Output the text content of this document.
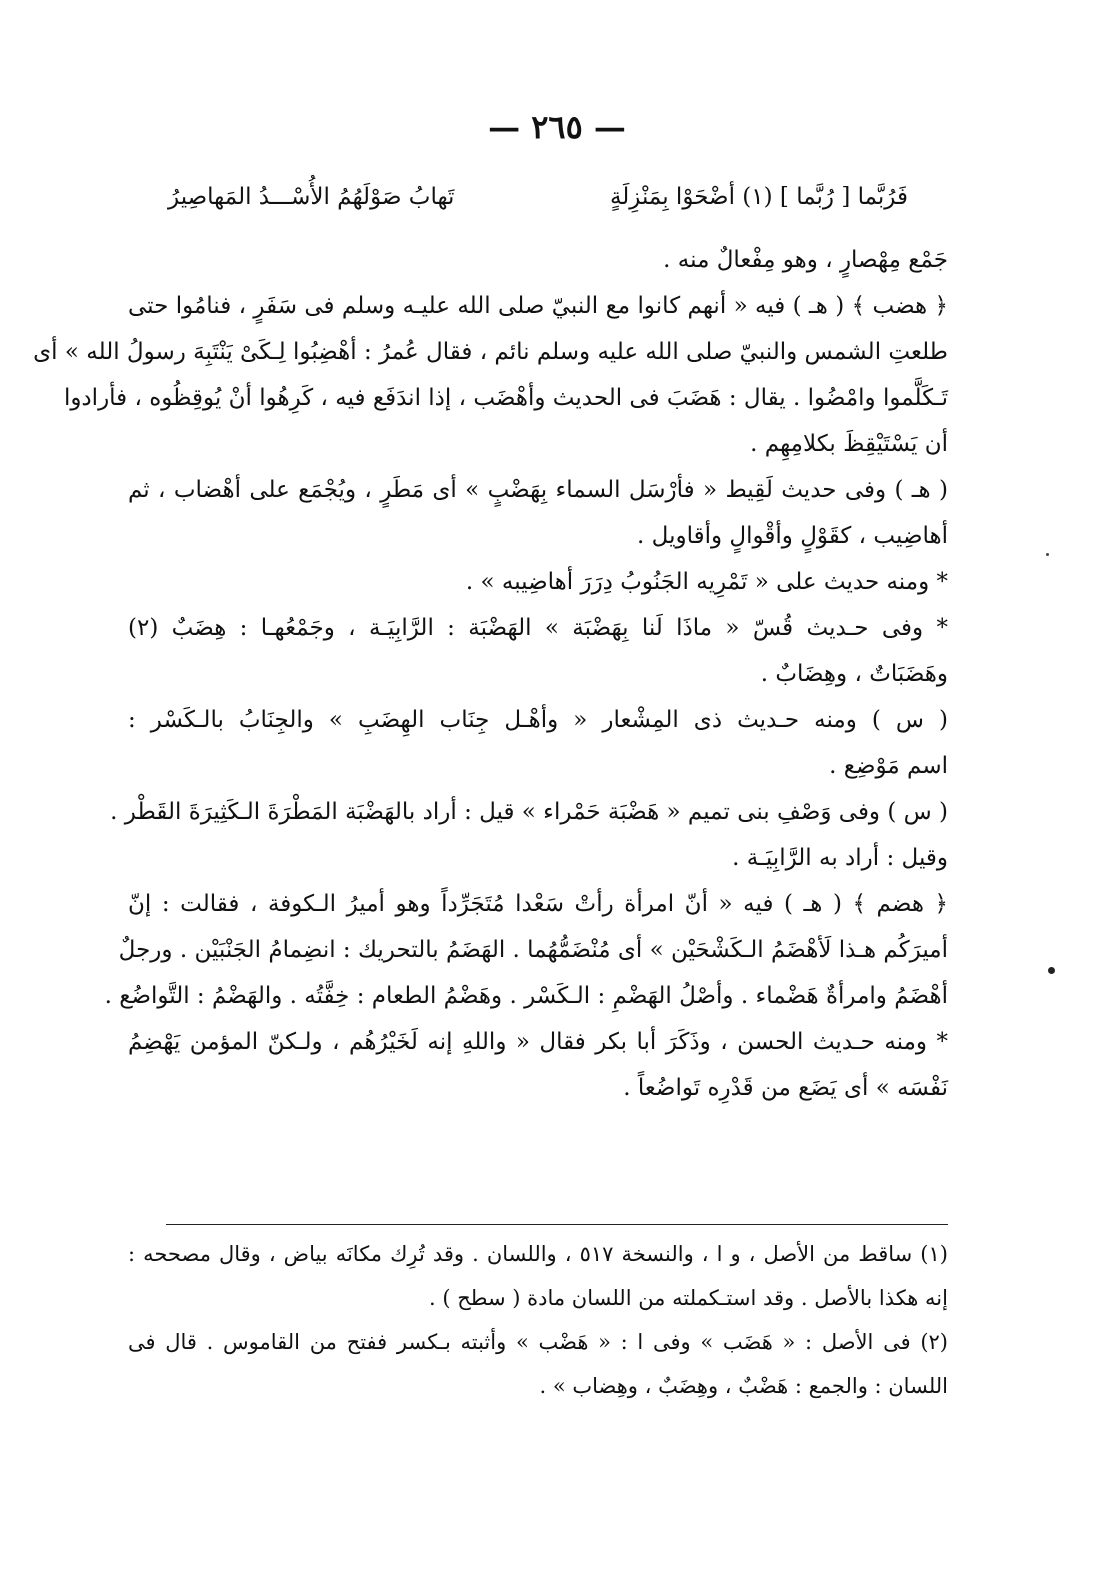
— ٢٦٥ —
فَرُبَّما [ رُبَّما ] (١) أضْحَوْا بِمَنْزِلَةٍ
تَهابُ صَوْلَهُمُ الأُسْـــدُ المَهاصِيرُ
جَمْع مِهْصارٍ ، وهو مِفْعالٌ منه .
﴿ هضب ﴾ ( هـ ) فيه « أنهم كانوا مع النبيّ صلى الله عليـه وسلم فى سَفَرٍ ، فنامُوا حتى
طلعتِ الشمس والنبيّ صلى الله عليه وسلم نائم ، فقال عُمرُ : أهْضِبُوا لِـكَىْ يَنْتَبِهَ رسولُ الله » أى
تَـكَلَّموا وامْضُوا . يقال : هَضَبَ فى الحديث وأهْضَب ، إذا اندَفَع فيه ، كَرِهُوا أنْ يُوقِظُوه ، فأرادوا
أن يَسْتَيْقِظَ بكلامِهِم .
( هـ ) وفى حديث لَقِيط « فأرْسَل السماء بِهَضْبٍ » أى مَطَرٍ ، ويُجْمَع على أهْضاب ، ثم
أهاضِيب ، كقَوْلٍ وأقْوالٍ وأقاويل .
* ومنه حديث على « تَمْرِيه الجَنُوبُ دِرَرَ أهاضِيبه » .
* وفى حـديث قُسّ « ماذَا لَنا بِهَضْبَة » الهَضْبَة : الرَّابِيَـة ، وجَمْعُهـا : هِضَبٌ (٢)
وهَضَبَاتٌ ، وهِضَابٌ .
( س ) ومنه حـديث ذى المِشْعار « وأهْـل جِنَاب الهِضَبِ » والجِنَابُ بالـكَسْر :
اسم مَوْضِع .
( س ) وفى وَصْفِ بنى تميم « هَضْبَة حَمْراء » قيل : أراد بالهَضْبَة المَطْرَةَ الـكَثِيرَةَ القَطْر .
وقيل : أراد به الرَّابِيَـة .
﴿ هضم ﴾ ( هـ ) فيه « أنّ امرأة رأتْ سَعْدا مُتَجَرِّداً وهو أميرُ الـكوفة ، فقالت : إنّ
أميرَكُم هـذا لَأهْضَمُ الـكَشْحَيْن » أى مُنْضَمُّهُما . الهَضَمُ بالتحريك : انضِمامُ الجَنْبَيْن . ورجلٌ
أهْضَمُ وامرأةٌ هَضْماء . وأصْلُ الهَضْمِ : الـكَسْر . وهَضْمُ الطعام : خِفَّتُه . والهَضْمُ : التَّواضُع .
* ومنه حـديث الحسن ، وذَكَرَ أبا بكر فقال « واللهِ إنه لَخَيْرُهُم ، ولـكنّ المؤمن يَهْضِمُ
نَفْسَه » أى يَضَع من قَدْرِه تَواضُعاً .
(١) ساقط من الأصل ، و ا ، والنسخة ٥١٧ ، واللسان . وقد تُرِك مكانَه بياض ، وقال مصححه :
إنه هكذا بالأصل . وقد استـكملته من اللسان مادة ( سطح ) .
(٢) فى الأصل : « هَضَب » وفى ا : « هَضْب » وأثبته بـكسر ففتح من القاموس . قال فى
اللسان : والجمع : هَضْبٌ ، وهِضَبٌ ، وهِضاب » .
